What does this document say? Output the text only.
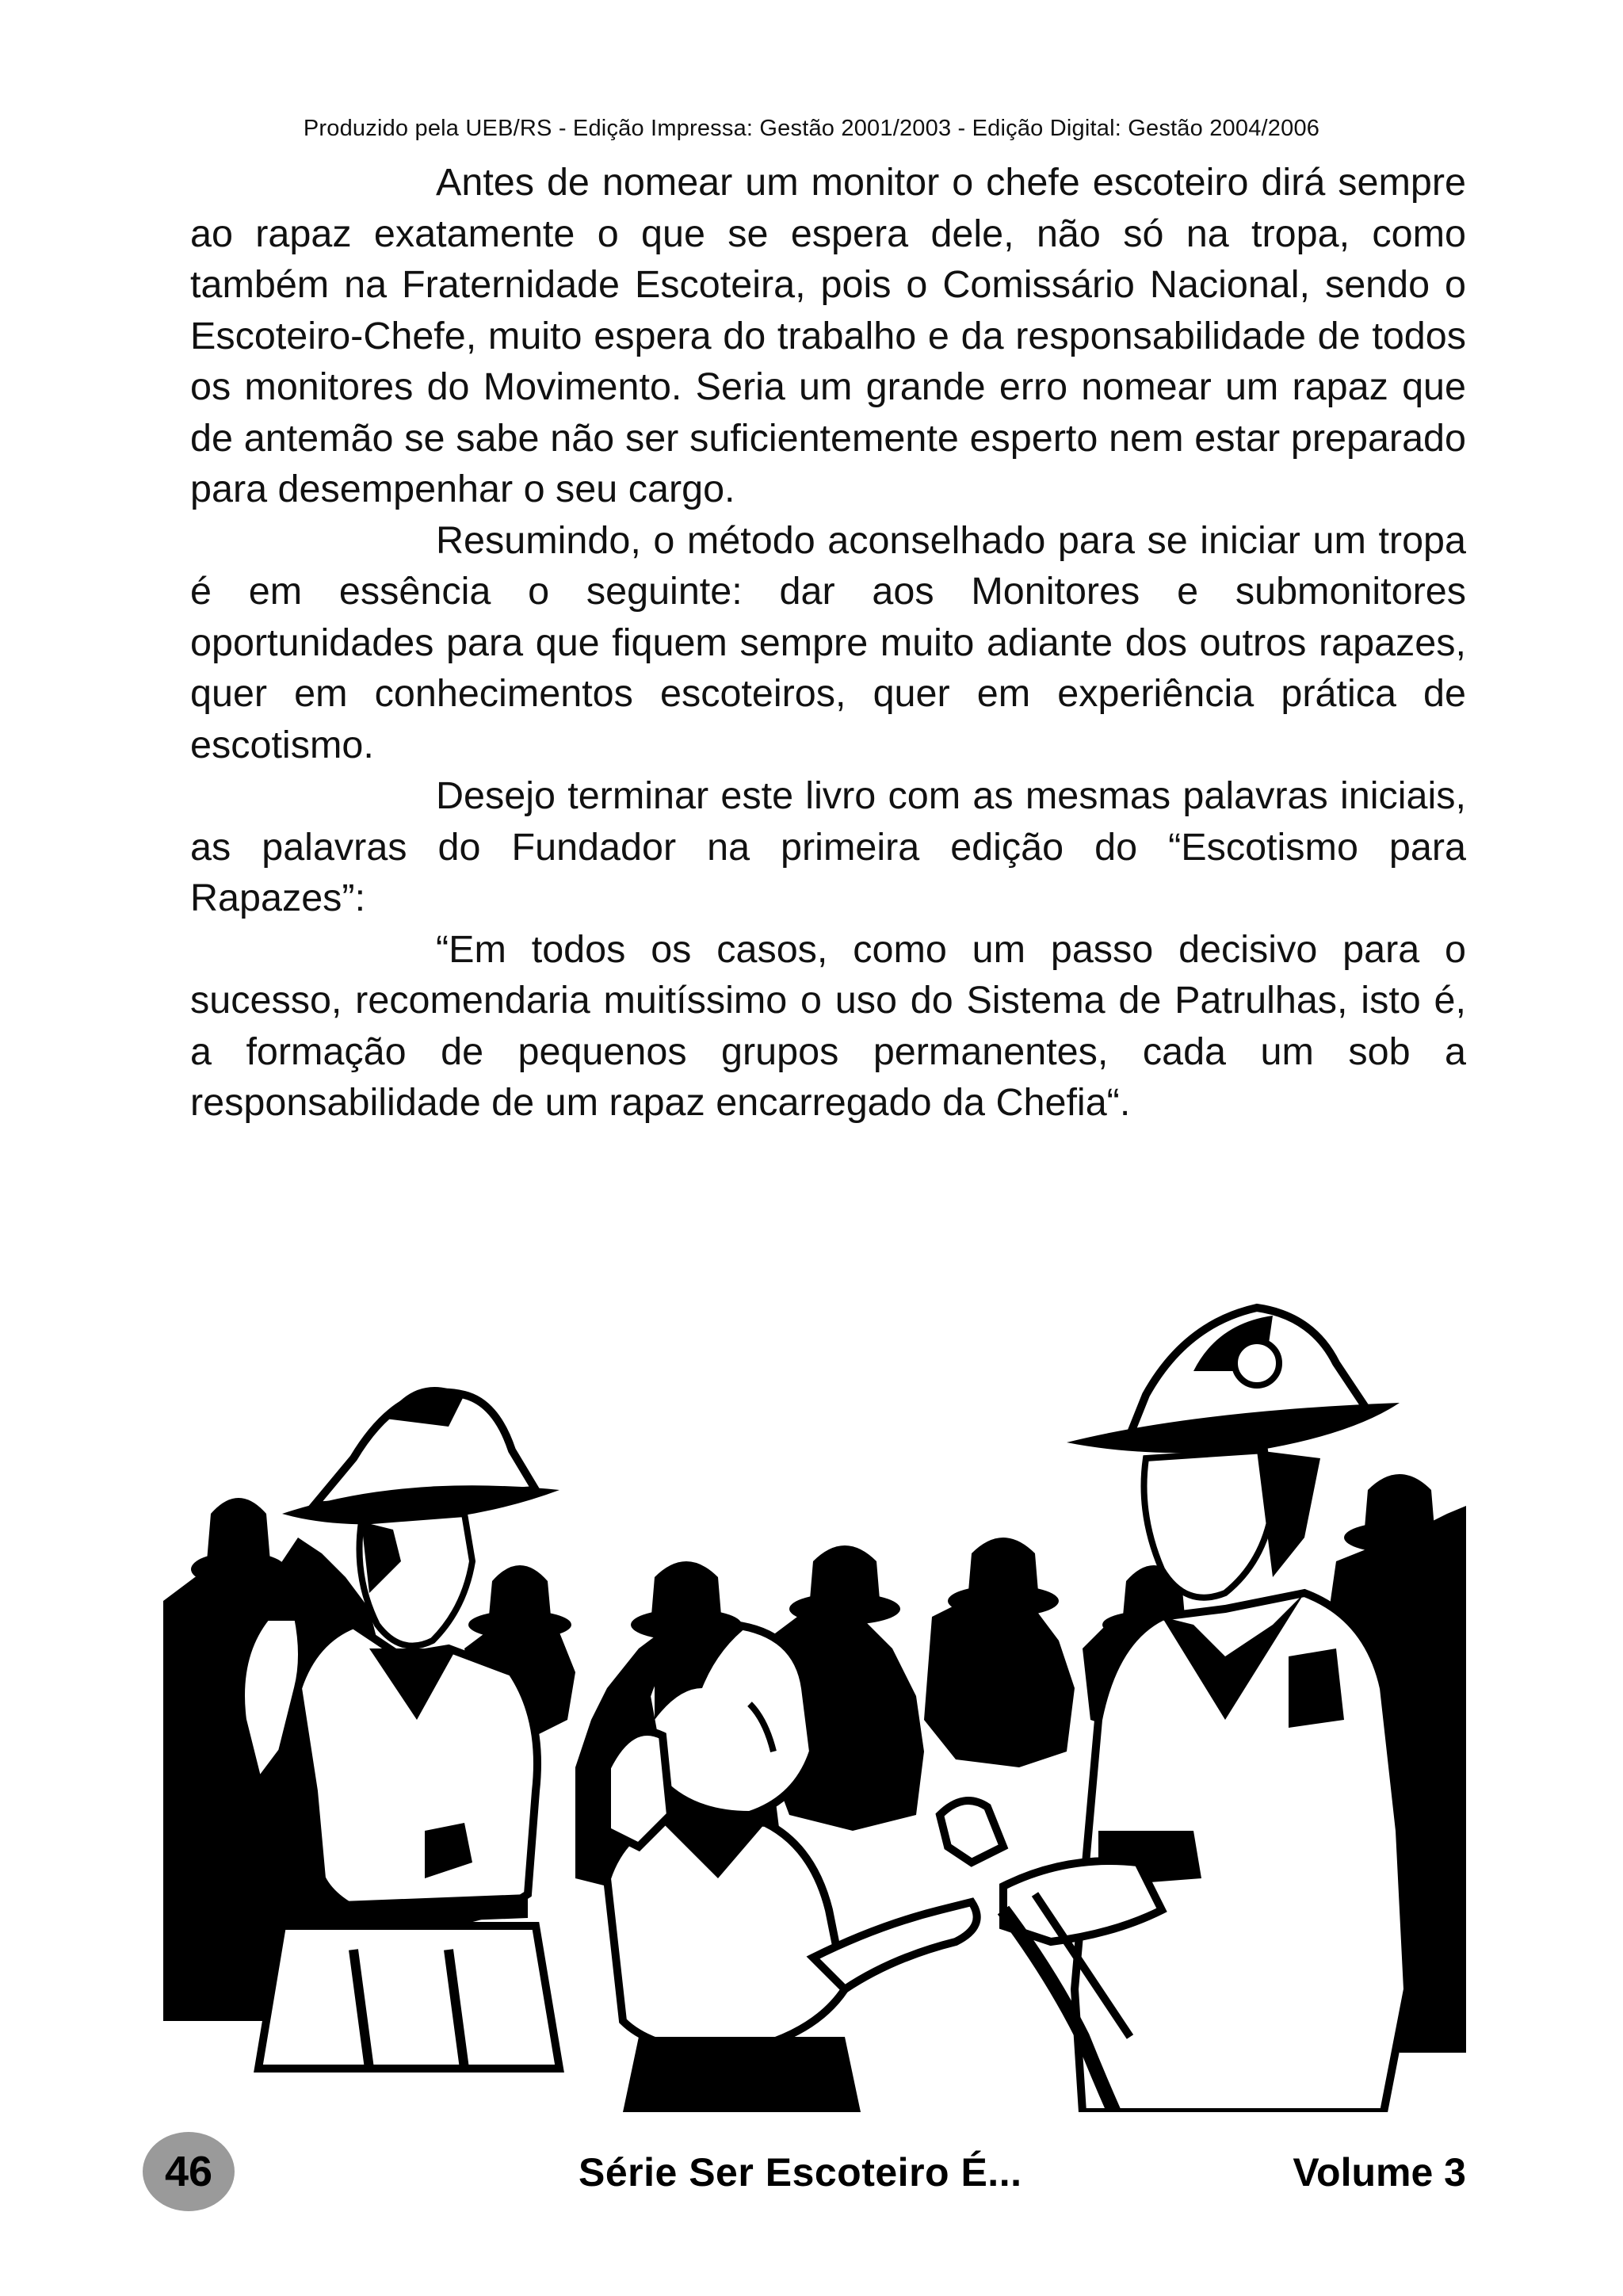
Produzido pela UEB/RS - Edição Impressa: Gestão 2001/2003 - Edição Digital: Gestão 2004/2006

Antes de nomear um monitor o chefe escoteiro dirá sempre ao rapaz exatamente o que se espera dele, não só na tropa, como também na Fraternidade Escoteira, pois o Comissário Nacional, sendo o Escoteiro-Chefe, muito espera do trabalho e da responsabilidade de todos os monitores do Movimento. Seria um grande erro nomear um rapaz que de antemão se sabe não ser suficientemente esperto nem estar preparado para desempenhar o seu cargo.

Resumindo, o método aconselhado para se iniciar um tropa é em essência o seguinte: dar aos Monitores e submonitores oportunidades para que fiquem sempre muito adiante dos outros rapazes, quer em conhecimentos escoteiros, quer em experiência prática de escotismo.

Desejo terminar este livro com as mesmas palavras iniciais, as palavras do Fundador na primeira edição do “Escotismo para Rapazes”:

“Em todos os casos, como um passo decisivo para o sucesso, recomendaria muitíssimo o uso do Sistema de Patrulhas, isto é, a formação de pequenos grupos permanentes, cada um sob a responsabilidade de um rapaz encarregado da Chefia“.

46	Série Ser Escoteiro É...	Volume 3
